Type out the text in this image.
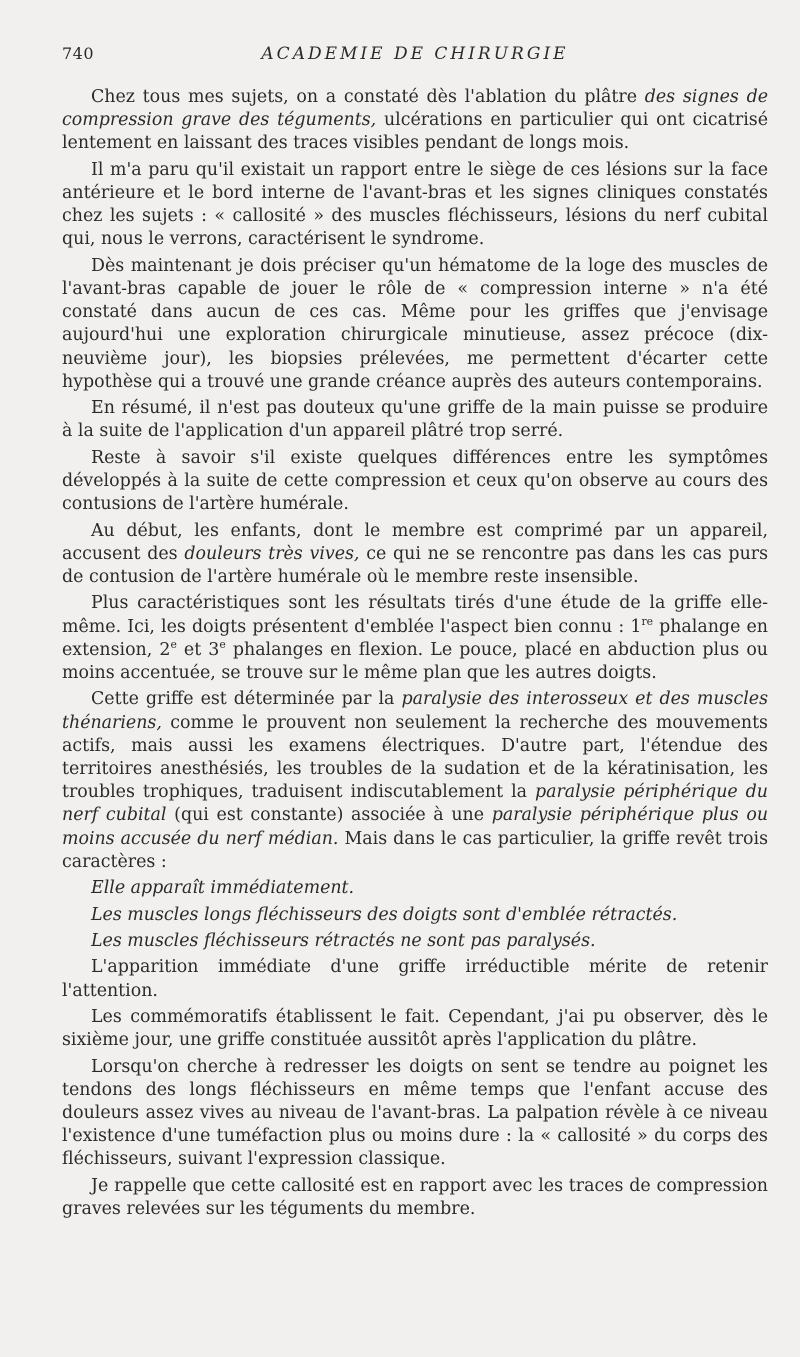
740	ACADEMIE DE CHIRURGIE

Chez tous mes sujets, on a constaté dès l'ablation du plâtre des signes de compression grave des téguments, ulcérations en particulier qui ont cicatrisé lentement en laissant des traces visibles pendant de longs mois.

Il m'a paru qu'il existait un rapport entre le siège de ces lésions sur la face antérieure et le bord interne de l'avant-bras et les signes cliniques constatés chez les sujets : « callosité » des muscles fléchisseurs, lésions du nerf cubital qui, nous le verrons, caractérisent le syndrome.

Dès maintenant je dois préciser qu'un hématome de la loge des muscles de l'avant-bras capable de jouer le rôle de « compression interne » n'a été constaté dans aucun de ces cas. Même pour les griffes que j'envisage aujourd'hui une exploration chirurgicale minutieuse, assez précoce (dix-neuvième jour), les biopsies prélevées, me permettent d'écarter cette hypothèse qui a trouvé une grande créance auprès des auteurs contemporains.

En résumé, il n'est pas douteux qu'une griffe de la main puisse se produire à la suite de l'application d'un appareil plâtré trop serré.

Reste à savoir s'il existe quelques différences entre les symptômes développés à la suite de cette compression et ceux qu'on observe au cours des contusions de l'artère humérale.

Au début, les enfants, dont le membre est comprimé par un appareil, accusent des douleurs très vives, ce qui ne se rencontre pas dans les cas purs de contusion de l'artère humérale où le membre reste insensible.

Plus caractéristiques sont les résultats tirés d'une étude de la griffe elle-même. Ici, les doigts présentent d'emblée l'aspect bien connu : 1re phalange en extension, 2e et 3e phalanges en flexion. Le pouce, placé en abduction plus ou moins accentuée, se trouve sur le même plan que les autres doigts.

Cette griffe est déterminée par la paralysie des interosseux et des muscles thénariens, comme le prouvent non seulement la recherche des mouvements actifs, mais aussi les examens électriques. D'autre part, l'étendue des territoires anesthésiés, les troubles de la sudation et de la kératinisation, les troubles trophiques, traduisent indiscutablement la paralysie périphérique du nerf cubital (qui est constante) associée à une paralysie périphérique plus ou moins accusée du nerf médian. Mais dans le cas particulier, la griffe revêt trois caractères :

Elle apparaît immédiatement.

Les muscles longs fléchisseurs des doigts sont d'emblée rétractés.

Les muscles fléchisseurs rétractés ne sont pas paralysés.

L'apparition immédiate d'une griffe irréductible mérite de retenir l'attention.

Les commémoratifs établissent le fait. Cependant, j'ai pu observer, dès le sixième jour, une griffe constituée aussitôt après l'application du plâtre.

Lorsqu'on cherche à redresser les doigts on sent se tendre au poignet les tendons des longs fléchisseurs en même temps que l'enfant accuse des douleurs assez vives au niveau de l'avant-bras. La palpation révèle à ce niveau l'existence d'une tuméfaction plus ou moins dure : la « callosité » du corps des fléchisseurs, suivant l'expression classique.

Je rappelle que cette callosité est en rapport avec les traces de compression graves relevées sur les téguments du membre.
